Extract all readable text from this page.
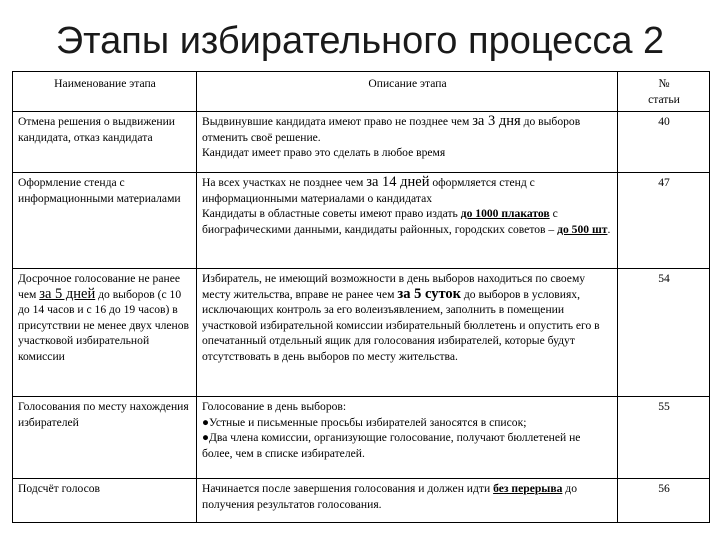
Этапы избирательного процесса 2
Наименование этапа	Описание этапа	№
статьи

Отмена решения о выдвижении кандидата, отказ кандидата	Выдвинувшие кандидата имеют право не позднее чем за 3 дня до выборов отменить своё решение.
Кандидат имеет право это сделать в любое время	40
Оформление стенда с информационными материалами	На всех участках не позднее чем за 14 дней оформляется стенд с информационными материалами о кандидатах
Кандидаты в областные советы имеют право издать до 1000 плакатов с биографическими данными, кандидаты районных, городских советов – до 500 шт.	47
Досрочное голосование не ранее чем за 5 дней до выборов (с 10 до 14 часов и с 16 до 19 часов) в присутствии не менее двух членов участковой избирательной комиссии	Избиратель, не имеющий возможности в день выборов находиться по своему месту жительства, вправе не ранее чем за 5 суток до выборов в условиях, исключающих контроль за его волеизъявлением, заполнить в помещении участковой избирательной комиссии избирательный бюллетень и опустить его в опечатанный отдельный ящик для голосования избирателей, которые будут отсутствовать в день выборов по месту жительства.	54
Голосования по месту нахождения избирателей	Голосование в день выборов:
●Устные и письменные просьбы избирателей заносятся в список;
●Два члена комиссии, организующие голосование, получают бюллетеней не более, чем в списке избирателей.	55
Подсчёт голосов	Начинается после завершения голосования и должен идти без перерыва до получения результатов голосования.	56
